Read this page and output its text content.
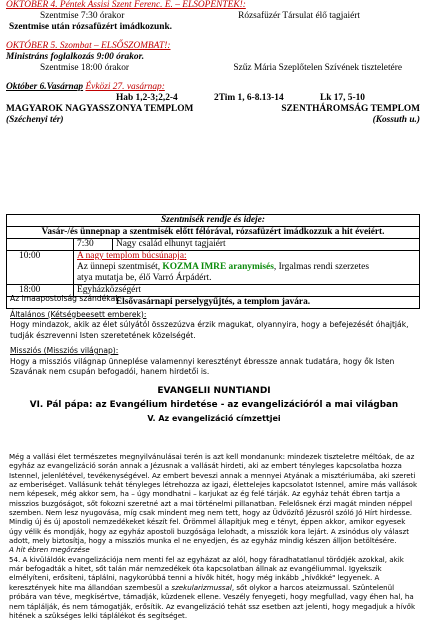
OKTÓBER 4. Péntek Assisi Szent Ferenc. E. – ELSŐPÉNTEK!:
Szentmise 7:30 órakor	Rózsafüzér Társulat élő tagjaiért
Szentmise után rózsafüzért imádkozunk.
OKTÓBER 5. Szombat – ELSŐSZOMBAT!:
Ministráns foglalkozás 9:00 órakor.
Szentmise 18:00 órakor	Szűz Mária Szeplőtelen Szívének tiszteletére
Október 6.Vasárnap Évközi 27. vasárnap:
Hab 1,2-3;2,2-4	2Tim 1, 6-8.13-14	Lk 17, 5-10
MAGYAROK NAGYASSZONYA TEMPLOM	SZENTHÁROMSÁG TEMPLOM
(Széchenyi tér)	(Kossuth u.)
Szentmisék rendje és ideje:		
Vasár-/és ünnepnap a szentmisék előtt félórával, rózsafüzért imádkozzuk a hit éveiért.		
	7:30	Nagy család elhunyt tagjaiért
10:00	A nagy templom búcsúnapja:
Az ünnepi szentmisét, KOZMA IMRE aranymisés, Irgalmas rendi szerzetes
atya mutatja be, élő Varró Árpádért.	

18:00	Egyházközségért	
Elsővasárnapi perselygyűjtés, a templom javára.		

Az imaapostolság szándékai:

Általános (Kétségbeesett emberek):

Hogy mindazok, akik az élet súlyától összezúzva érzik magukat, olyannyira, hogy a befejezését óhajtják, tudják észrevenni Isten szeretetének közelségét.

Missziós (Missziós világnap):

Hogy a missziós világnap ünneplése valamennyi keresztényt ébressze annak tudatára, hogy ők Isten Szavának nem csupán befogadói, hanem hirdetői is.

EVANGELII NUNTIANDI
VI. Pál pápa: az Evangélium hirdetése - az evangelizációról a mai világban
V. Az evangelizáció címzettjei

Még a vallási élet természetes megnyilvánulásai terén is azt kell mondanunk: mindezek tiszteletre méltóak, de az egyház az evangelizáció során annak a Jézusnak a vallását hirdeti, aki az embert tényleges kapcsolatba hozza Istennel, jelenlétével, tevékenységével. Az embert beveszi annak a mennyei Atyának a misztériumába, aki szereti az emberiséget. Vallásunk tehát tényleges létrehozza az igazi, élettelejes kapcsolatot Istennel, amire más vallások nem képesek, még akkor sem, ha – úgy mondhatni – karjukat az ég felé tárják. Az egyház tehát ébren tartja a misszios buzgóságot, sőt fokozni szeretné azt a mai történelmi pillanatban. Felelősnek érzi magát minden néppel szemben. Nem lesz nyugovása, míg csak mindent meg nem tett, hogy az Üdvözítő Jézusról szóló Jó Hírt hirdesse. Mindig új és új apostoli nemzedékeket készít fel. Örömmel állapítjuk meg e tényt, éppen akkor, amikor egyesek úgy vélik és mondják, hogy az egyház apostoli buzgósága lelohadt, a missziók kora lejárt. A zsinódus oly választ adott, mely biztosítja, hogy a missziós munka el ne enyedjen, és az egyház mindig készen álljon betöltésére.

A hit ébren megőrzése

54. A kivüláldók evangelizációja nem menti fel az egyházat az alól, hogy fáradhatatlanul törődjék azokkal, akik már befogadták a hitet, sőt talán már nemzedékek óta kapcsolatban állnak az evangéliummal. Igyekszik elmélyíteni, erősíteni, táplálni, nagykorúbbá tenni a hívők hitét, hogy még inkább „hívőkké" legyenek. A keresztények hite ma állandóan szembesül a szekularizmussal, sőt olykor a harcos ateizmussal. Szüntelenül próbára van téve, megkísértve, támadják, küzdenek ellene. Veszély fenyegeti, hogy megfullad, vagy éhen hal, ha nem táplálják, és nem támogatják, erősítik. Az evangelizáció tehát ssz esetben azt jelenti, hogy megadjuk a hívők hitének a szükséges lelki táplálékot és segítséget.
